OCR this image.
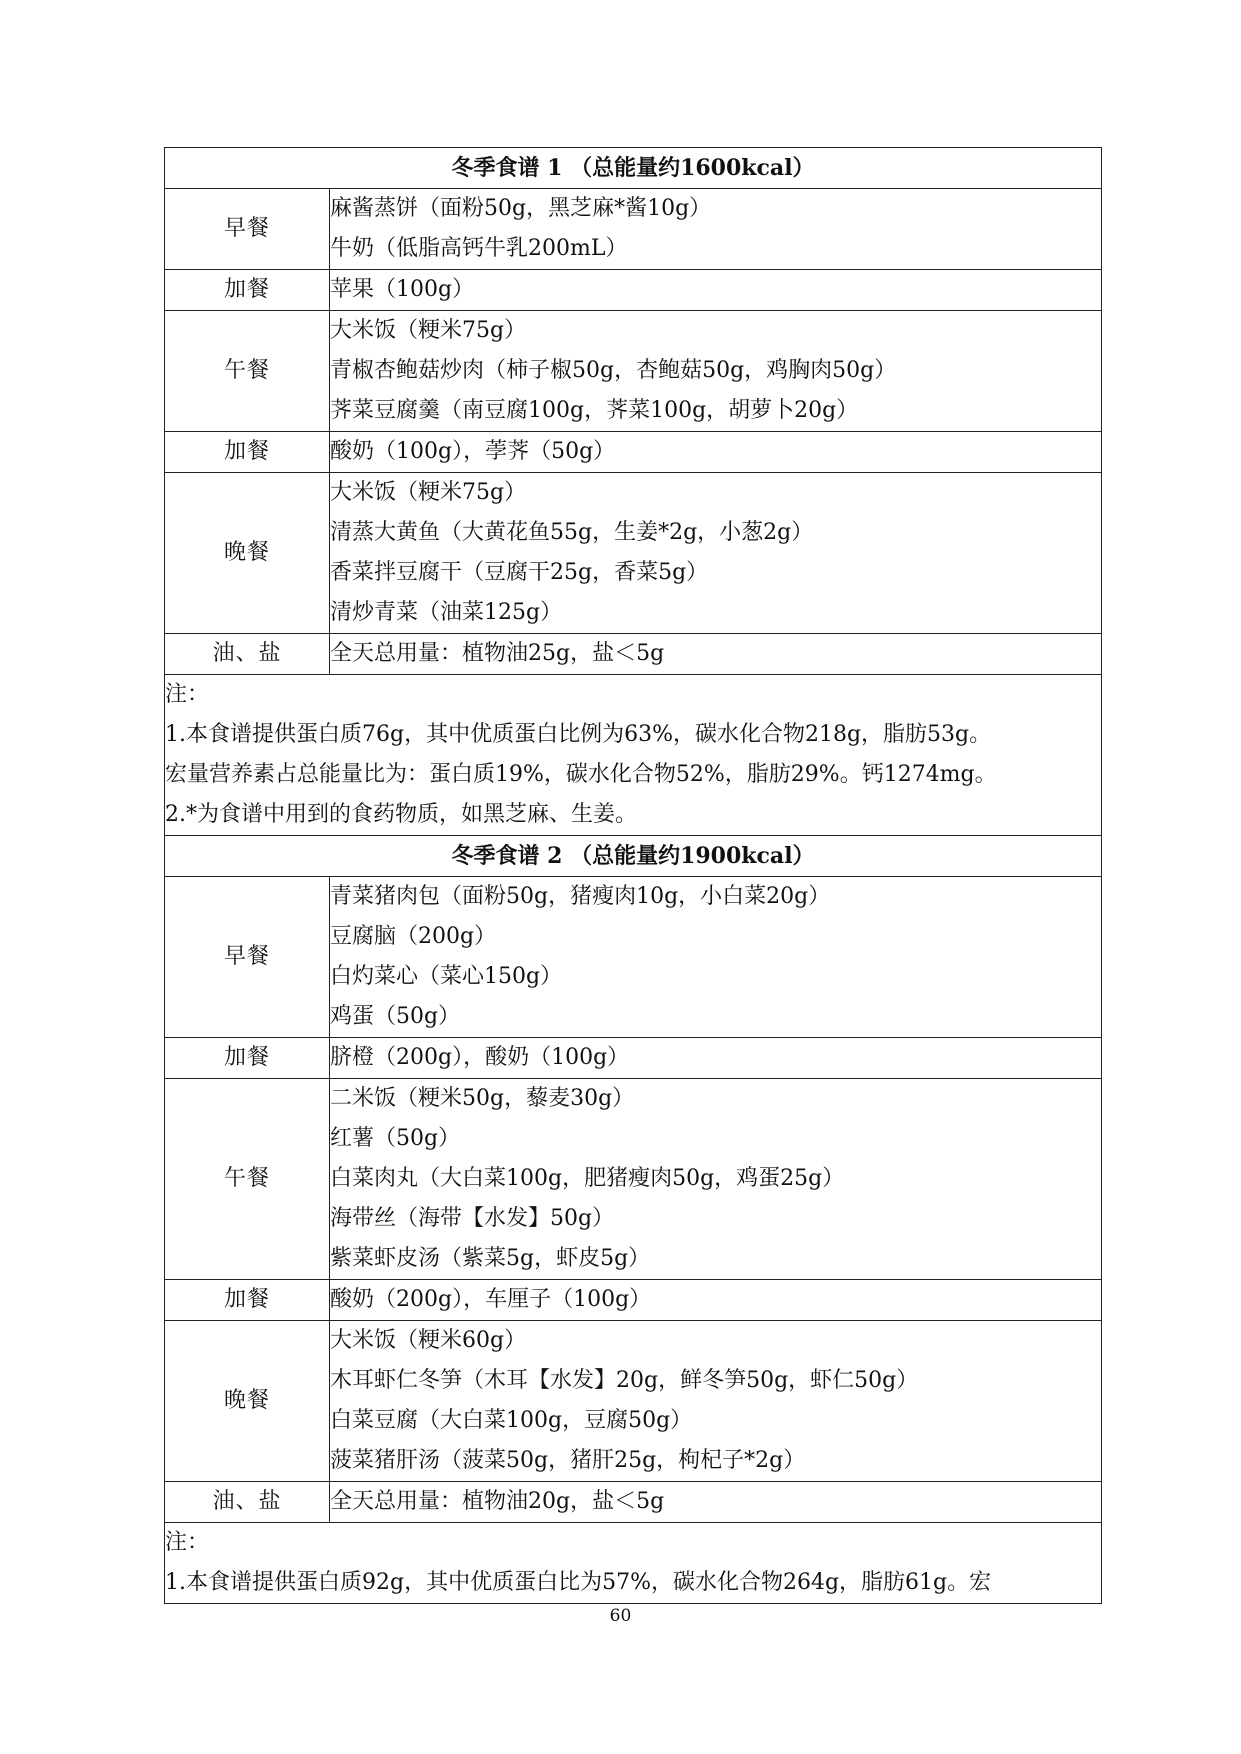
冬季食谱 1 （总能量约1600kcal）	
早餐	麻酱蒸饼（面粉50g，黑芝麻*酱10g）
牛奶（低脂高钙牛乳200mL）

加餐	苹果（100g）

午餐	大米饭（粳米75g）
青椒杏鲍菇炒肉（柿子椒50g，杏鲍菇50g，鸡胸肉50g）
荠菜豆腐羹（南豆腐100g，荠菜100g，胡萝卜20g）

加餐	酸奶（100g），荸荠（50g）

晚餐	大米饭（粳米75g）
清蒸大黄鱼（大黄花鱼55g，生姜*2g，小葱2g）
香菜拌豆腐干（豆腐干25g，香菜5g）
清炒青菜（油菜125g）

油、盐	全天总用量：植物油25g，盐＜5g

注：
1.本食谱提供蛋白质76g，其中优质蛋白比例为63%，碳水化合物218g，脂肪53g。
宏量营养素占总能量比为：蛋白质19%，碳水化合物52%，脂肪29%。钙1274mg。
2.*为食谱中用到的食药物质，如黑芝麻、生姜。	

冬季食谱 2 （总能量约1900kcal）	
早餐	青菜猪肉包（面粉50g，猪瘦肉10g，小白菜20g）
豆腐脑（200g）
白灼菜心（菜心150g）
鸡蛋（50g）

加餐	脐橙（200g），酸奶（100g）

午餐	二米饭（粳米50g，藜麦30g）
红薯（50g）
白菜肉丸（大白菜100g，肥猪瘦肉50g，鸡蛋25g）
海带丝（海带【水发】50g）
紫菜虾皮汤（紫菜5g，虾皮5g）

加餐	酸奶（200g），车厘子（100g）

晚餐	大米饭（粳米60g）
木耳虾仁冬笋（木耳【水发】20g，鲜冬笋50g，虾仁50g）
白菜豆腐（大白菜100g，豆腐50g）
菠菜猪肝汤（菠菜50g，猪肝25g，枸杞子*2g）

油、盐	全天总用量：植物油20g，盐＜5g

注：
1.本食谱提供蛋白质92g，其中优质蛋白比为57%，碳水化合物264g，脂肪61g。宏	
60
